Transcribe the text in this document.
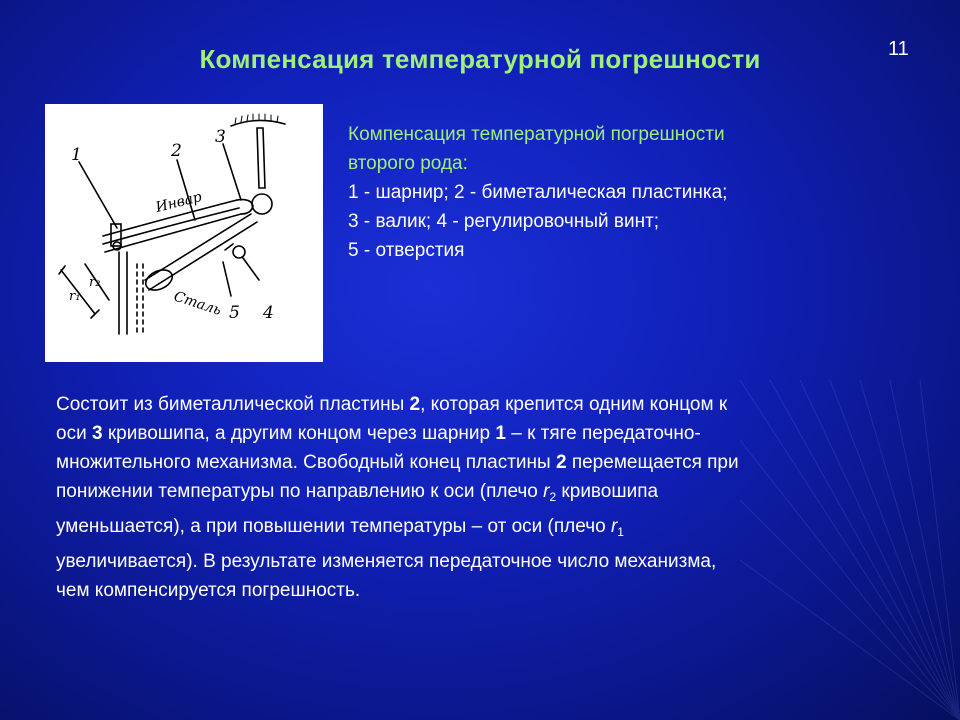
Компенсация температурной погрешности	11
1	2
3
4
5
Инвар
Сталь
r₁
r₂
Компенсация температурной погрешности
второго рода:
1 - шарнир; 2 - биметалическая пластинка;
3 - валик; 4 - регулировочный винт;
5 - отверстия
Состоит из биметаллической пластины 2, которая крепится одним концом к
оси 3 кривошипа, а другим концом через шарнир 1 – к тяге передаточно-
множительного механизма. Свободный конец пластины 2 перемещается при
понижении температуры по направлению к оси (плечо $r_2$ кривошипа
уменьшается), а при повышении температуры – от оси (плечо $r_1$
увеличивается). В результате изменяется передаточное число механизма,
чем компенсируется погрешность.
